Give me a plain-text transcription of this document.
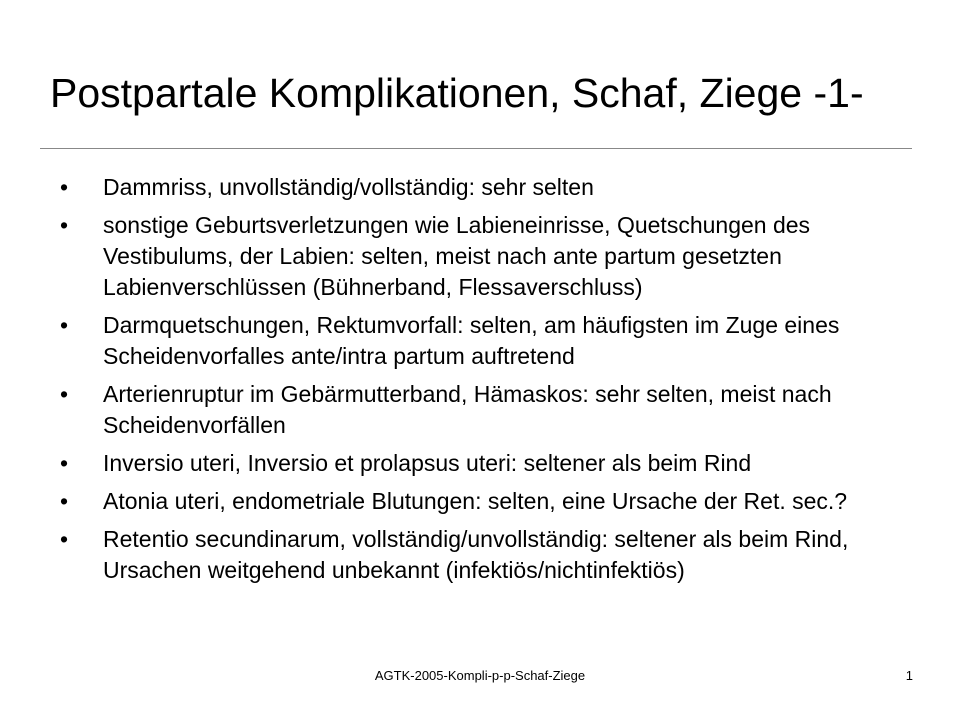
Postpartale Komplikationen, Schaf, Ziege -1-
•	Dammriss, unvollständig/vollständig: sehr selten
•	sonstige Geburtsverletzungen wie Labieneinrisse, Quetschungen des Vestibulums, der Labien: selten, meist nach ante partum gesetzten Labienverschlüssen (Bühnerband, Flessaverschluss)
•	Darmquetschungen, Rektumvorfall: selten, am häufigsten im Zuge eines Scheidenvorfalles ante/intra partum auftretend
•	Arterienruptur im Gebärmutterband, Hämaskos: sehr selten, meist nach Scheidenvorfällen
•	Inversio uteri, Inversio et prolapsus uteri: seltener als beim Rind
•	Atonia uteri, endometriale Blutungen: selten, eine Ursache der Ret. sec.?
•	Retentio secundinarum, vollständig/unvollständig: seltener als beim Rind, Ursachen weitgehend unbekannt (infektiös/nichtinfektiös)
AGTK-2005-Kompli-p-p-Schaf-Ziege	1
